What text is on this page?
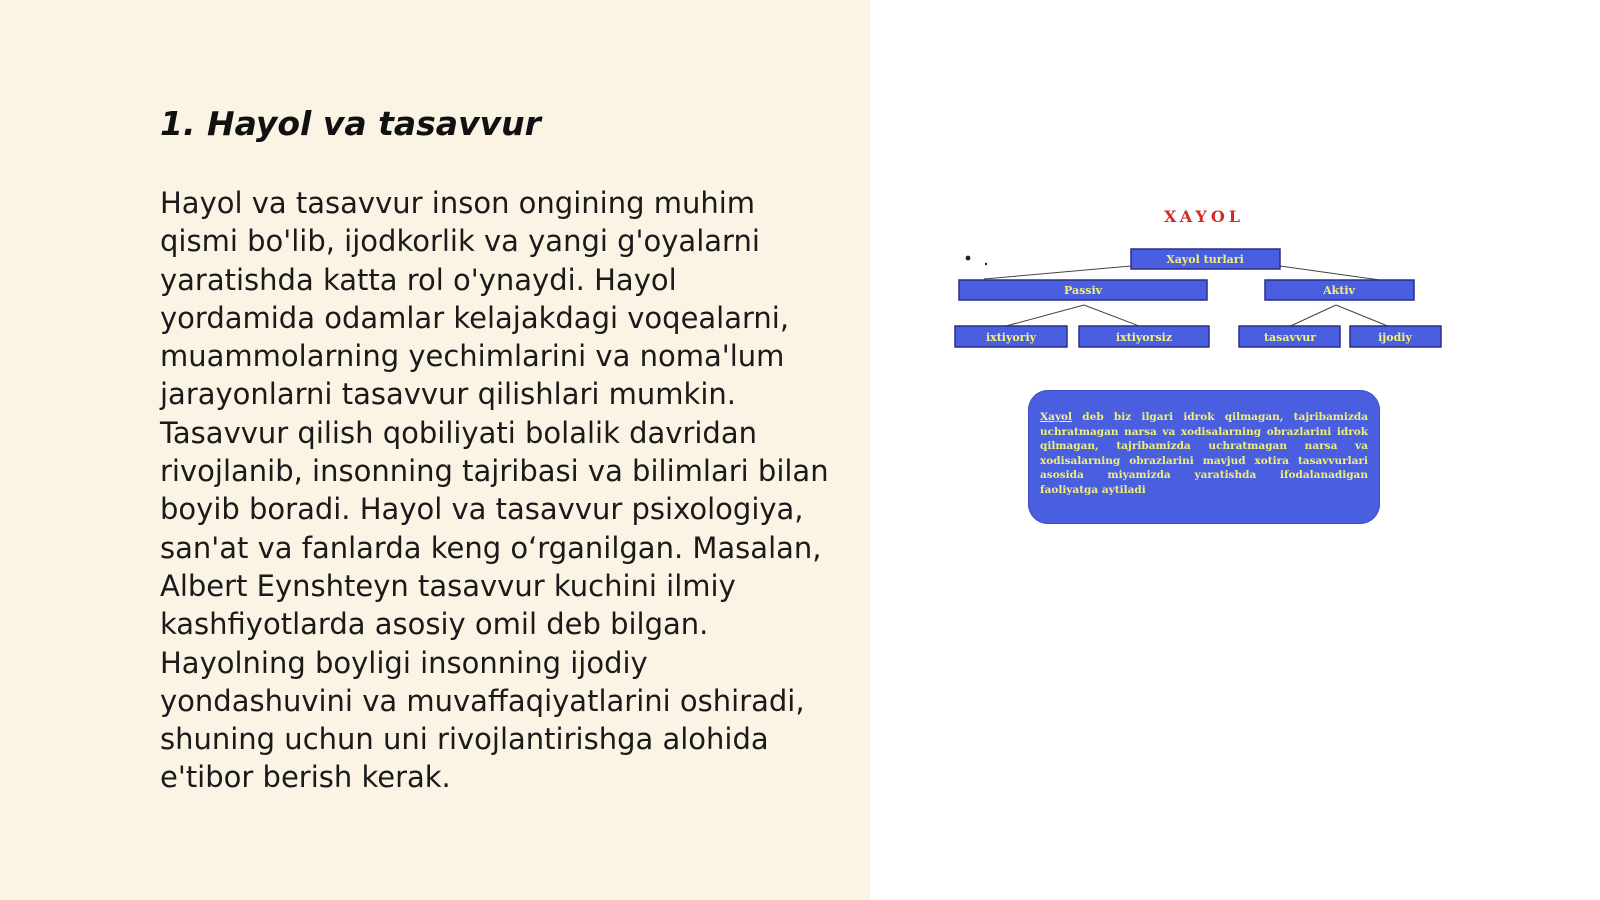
1. Hayol va tasavvur

Hayol va tasavvur inson ongining muhim qismi bo'lib, ijodkorlik va yangi g'oyalarni yaratishda katta rol o'ynaydi. Hayol yordamida odamlar kelajakdagi voqealarni, muammolarning yechimlarini va noma'lum jarayonlarni tasavvur qilishlari mumkin. Tasavvur qilish qobiliyati bolalik davridan rivojlanib, insonning tajribasi va bilimlari bilan boyib boradi. Hayol va tasavvur psixologiya, san'at va fanlarda keng o‘rganilgan. Masalan, Albert Eynshteyn tasavvur kuchini ilmiy kashfiyotlarda asosiy omil deb bilgan. Hayolning boyligi insonning ijodiy yondashuvini va muvaffaqiyatlarini oshiradi, shuning uchun uni rivojlantirishga alohida e'tibor berish kerak.

XAYOL
Xayol turlari
Passiv	Aktiv
ixtiyoriy	ixtiyorsiz	tasavvur	ijodiy

Xayol deb biz ilgari idrok qilmagan, tajribamizda uchratmagan narsa va xodisalarning obrazlarini idrok qilmagan, tajribamizda uchratmagan narsa va xodisalarning obrazlarini mavjud xotira tasavvurlari asosida miyamizda yaratishda ifodalanadigan faoliyatga aytiladi
